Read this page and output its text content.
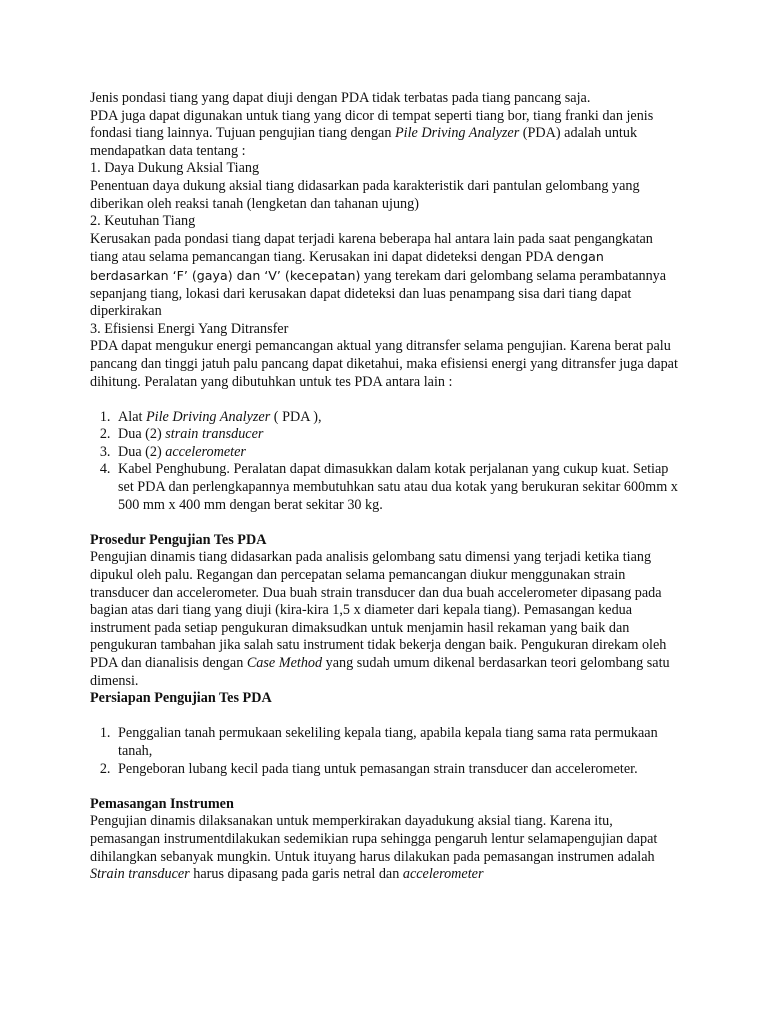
Jenis pondasi tiang yang dapat diuji dengan PDA tidak terbatas pada tiang pancang saja.

PDA juga dapat digunakan untuk tiang yang dicor di tempat seperti tiang bor, tiang franki dan jenis fondasi tiang lainnya. Tujuan pengujian tiang dengan Pile Driving Analyzer (PDA) adalah untuk mendapatkan data tentang :

1. Daya Dukung Aksial Tiang

Penentuan daya dukung aksial tiang didasarkan pada karakteristik dari pantulan gelombang yang diberikan oleh reaksi tanah (lengketan dan tahanan ujung)

2. Keutuhan Tiang

Kerusakan pada pondasi tiang dapat terjadi karena beberapa hal antara lain pada saat pengangkatan tiang atau selama pemancangan tiang. Kerusakan ini dapat dideteksi dengan PDA dengan berdasarkan ‘F’ (gaya) dan ‘V’ (kecepatan) yang terekam dari gelombang selama perambatannya sepanjang tiang, lokasi dari kerusakan dapat dideteksi dan luas penampang sisa dari tiang dapat diperkirakan

3. Efisiensi Energi Yang Ditransfer

PDA dapat mengukur energi pemancangan aktual yang ditransfer selama pengujian. Karena berat palu pancang dan tinggi jatuh palu pancang dapat diketahui, maka efisiensi energi yang ditransfer juga dapat dihitung. Peralatan yang dibutuhkan untuk tes PDA antara lain :

1. Alat Pile Driving Analyzer ( PDA ),
2. Dua (2) strain transducer
3. Dua (2) accelerometer
4. Kabel Penghubung. Peralatan dapat dimasukkan dalam kotak perjalanan yang cukup kuat. Setiap set PDA dan perlengkapannya membutuhkan satu atau dua kotak yang berukuran sekitar 600mm x 500 mm x 400 mm dengan berat sekitar 30 kg.

Prosedur Pengujian Tes PDA

Pengujian dinamis tiang didasarkan pada analisis gelombang satu dimensi yang terjadi ketika tiang dipukul oleh palu. Regangan dan percepatan selama pemancangan diukur menggunakan strain transducer dan accelerometer. Dua buah strain transducer dan dua buah accelerometer dipasang pada bagian atas dari tiang yang diuji (kira-kira 1,5 x diameter dari kepala tiang). Pemasangan kedua instrument pada setiap pengukuran dimaksudkan untuk menjamin hasil rekaman yang baik dan pengukuran tambahan jika salah satu instrument tidak bekerja dengan baik. Pengukuran direkam oleh PDA dan dianalisis dengan Case Method yang sudah umum dikenal berdasarkan teori gelombang satu dimensi.

Persiapan Pengujian Tes PDA

1. Penggalian tanah permukaan sekeliling kepala tiang, apabila kepala tiang sama rata permukaan tanah,
2. Pengeboran lubang kecil pada tiang untuk pemasangan strain transducer dan accelerometer.

Pemasangan Instrumen

Pengujian dinamis dilaksanakan untuk memperkirakan dayadukung aksial tiang. Karena itu, pemasangan instrumentdilakukan sedemikian rupa sehingga pengaruh lentur selamapengujian dapat dihilangkan sebanyak mungkin. Untuk ituyang harus dilakukan pada pemasangan instrumen adalah Strain transducer harus dipasang pada garis netral dan accelerometer
